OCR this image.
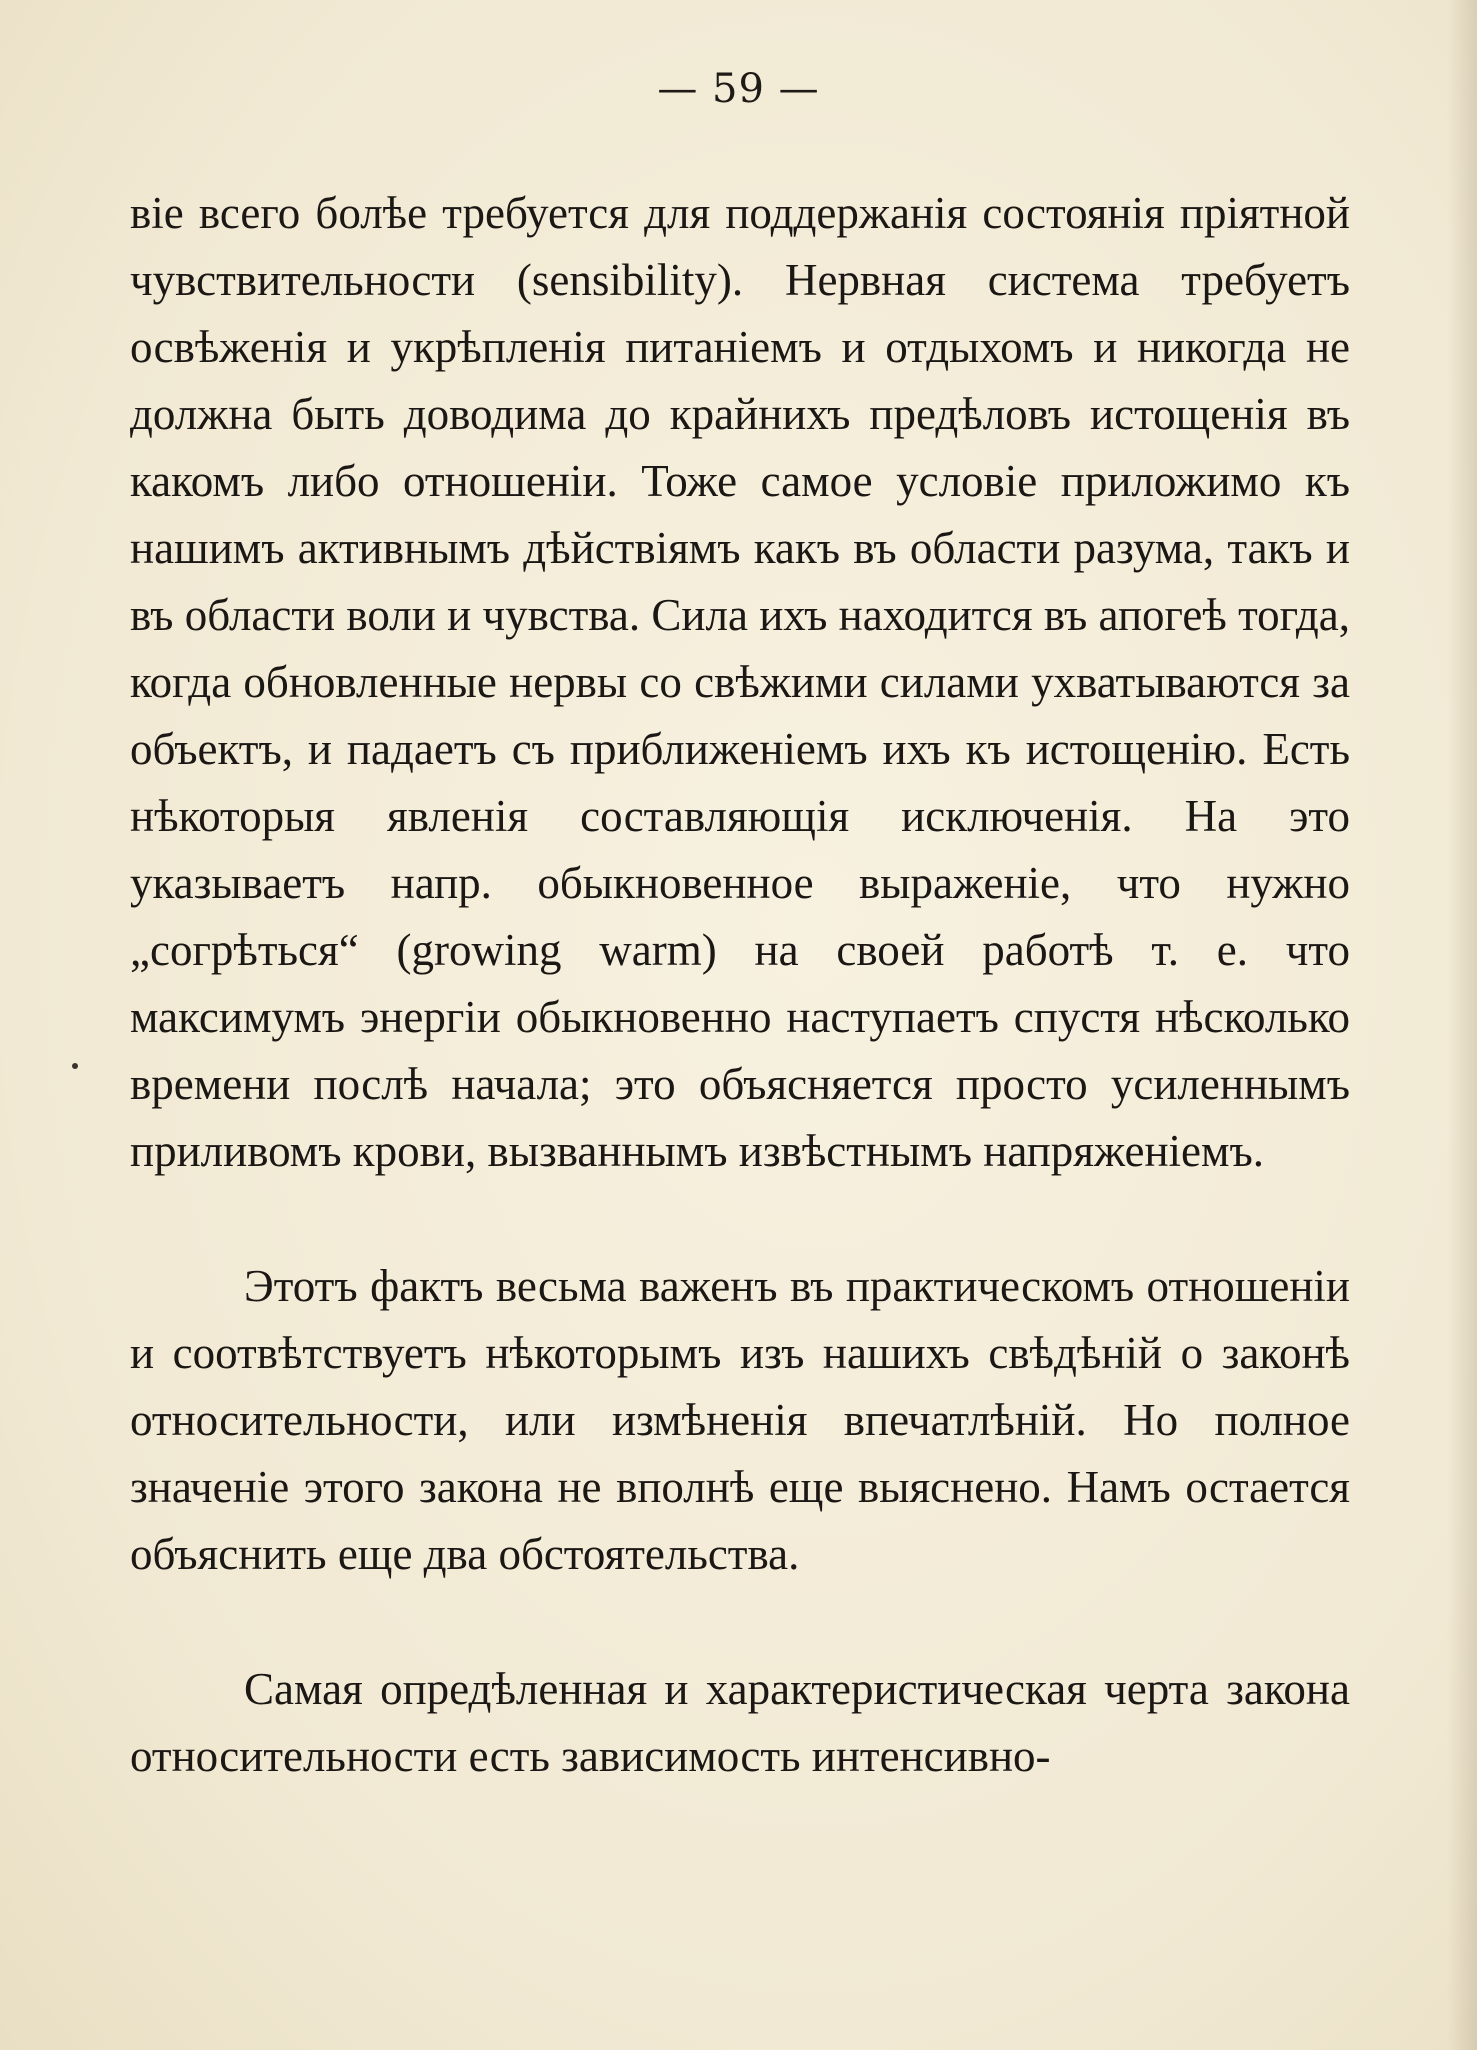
— 59 —

віе всего болѣе требуется для поддержанія состоянія пріятной чувствительности (sensibility). Нервная система требуетъ освѣженія и укрѣпленія питаніемъ и отдыхомъ и никогда не должна быть доводима до крайнихъ предѣловъ истощенія въ какомъ либо отношеніи. Тоже самое условіе приложимо къ нашимъ активнымъ дѣйствіямъ какъ въ области разума, такъ и въ области воли и чувства. Сила ихъ находится въ апогеѣ тогда, когда обновленные нервы со свѣжими силами ухватываются за объектъ, и падаетъ съ приближеніемъ ихъ къ истощенію. Есть нѣкоторыя явленія составляющія исключенія. На это указываетъ напр. обыкновенное выраженіе, что нужно „согрѣться“ (growing warm) на своей работѣ т. е. что максимумъ энергіи обыкновенно наступаетъ спустя нѣсколько времени послѣ начала; это объясняется просто усиленнымъ приливомъ крови, вызваннымъ извѣстнымъ напряженіемъ.

Этотъ фактъ весьма важенъ въ практическомъ отношеніи и соотвѣтствуетъ нѣкоторымъ изъ нашихъ свѣдѣній о законѣ относительности, или измѣненія впечатлѣній. Но полное значеніе этого закона не вполнѣ еще выяснено. Намъ остается объяснить еще два обстоятельства.

Самая опредѣленная и характеристическая черта закона относительности есть зависимость интенсивно-
